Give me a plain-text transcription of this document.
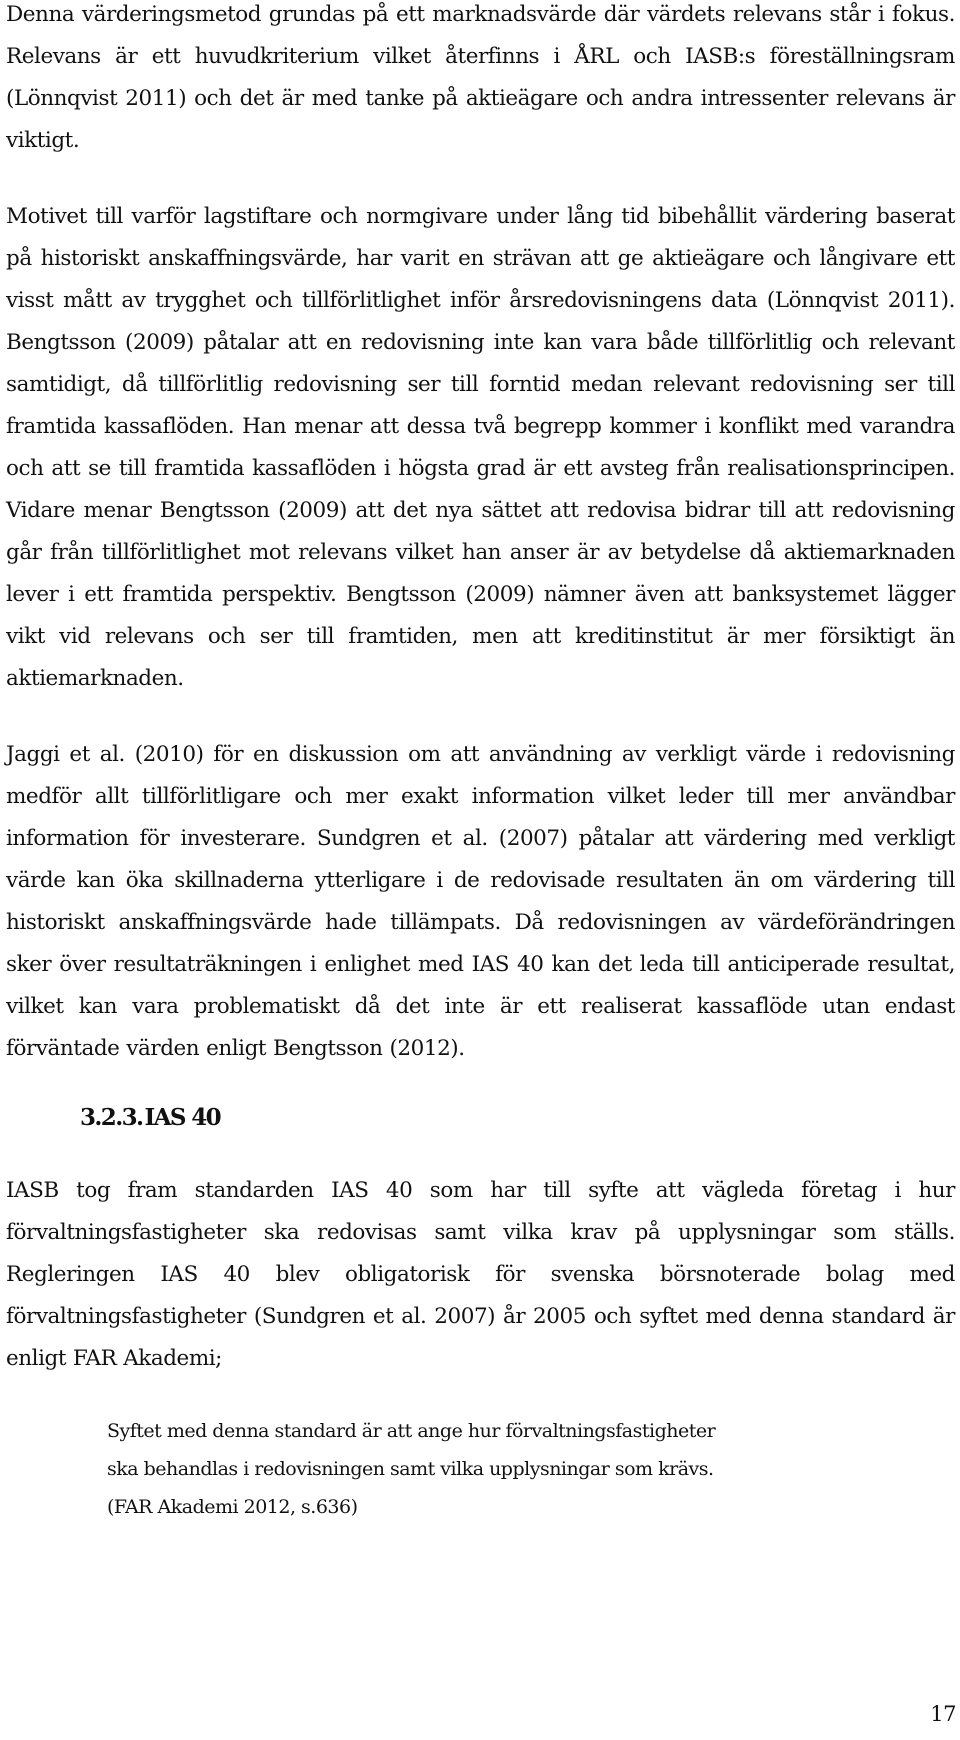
Denna värderingsmetod grundas på ett marknadsvärde där värdets relevans står i fokus. Relevans är ett huvudkriterium vilket återfinns i ÅRL och IASB:s föreställningsram (Lönnqvist 2011) och det är med tanke på aktieägare och andra intressenter relevans är viktigt.

Motivet till varför lagstiftare och normgivare under lång tid bibehållit värdering baserat på historiskt anskaffningsvärde, har varit en strävan att ge aktieägare och långivare ett visst mått av trygghet och tillförlitlighet inför årsredovisningens data (Lönnqvist 2011). Bengtsson (2009) påtalar att en redovisning inte kan vara både tillförlitlig och relevant samtidigt, då tillförlitlig redovisning ser till forntid medan relevant redovisning ser till framtida kassaflöden. Han menar att dessa två begrepp kommer i konflikt med varandra och att se till framtida kassaflöden i högsta grad är ett avsteg från realisationsprincipen. Vidare menar Bengtsson (2009) att det nya sättet att redovisa bidrar till att redovisning går från tillförlitlighet mot relevans vilket han anser är av betydelse då aktiemarknaden lever i ett framtida perspektiv. Bengtsson (2009) nämner även att banksystemet lägger vikt vid relevans och ser till framtiden, men att kreditinstitut är mer försiktigt än aktiemarknaden.

Jaggi et al. (2010) för en diskussion om att användning av verkligt värde i redovisning medför allt tillförlitligare och mer exakt information vilket leder till mer användbar information för investerare. Sundgren et al. (2007) påtalar att värdering med verkligt värde kan öka skillnaderna ytterligare i de redovisade resultaten än om värdering till historiskt anskaffningsvärde hade tillämpats. Då redovisningen av värdeförändringen sker över resultaträkningen i enlighet med IAS 40 kan det leda till anticiperade resultat, vilket kan vara problematiskt då det inte är ett realiserat kassaflöde utan endast förväntade värden enligt Bengtsson (2012).

3.2.3.IAS 40

IASB tog fram standarden IAS 40 som har till syfte att vägleda företag i hur förvaltningsfastigheter ska redovisas samt vilka krav på upplysningar som ställs. Regleringen IAS 40 blev obligatorisk för svenska börsnoterade bolag med förvaltningsfastigheter (Sundgren et al. 2007) år 2005 och syftet med denna standard är enligt FAR Akademi;

Syftet med denna standard är att ange hur förvaltningsfastigheter
ska behandlas i redovisningen samt vilka upplysningar som krävs.
(FAR Akademi 2012, s.636)
17
